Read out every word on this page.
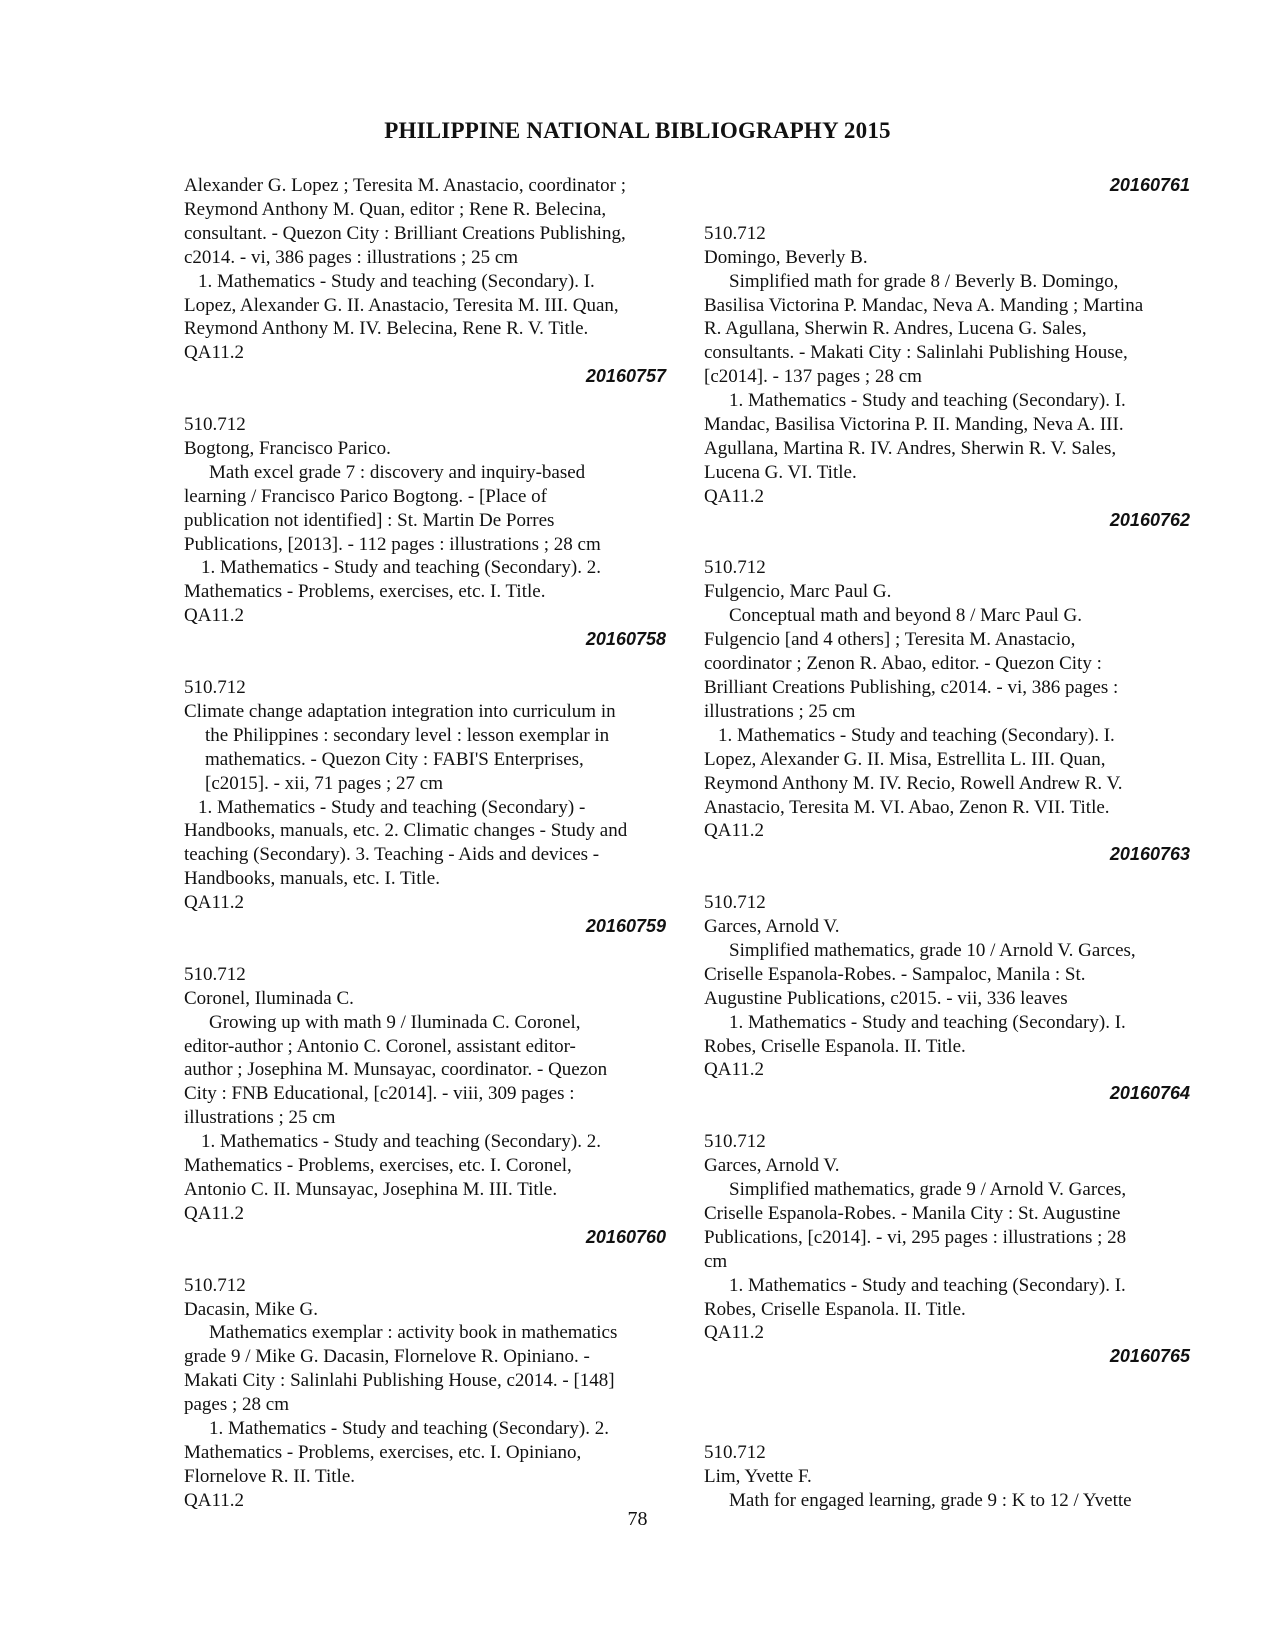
PHILIPPINE NATIONAL BIBLIOGRAPHY 2015
Alexander G. Lopez ; Teresita M. Anastacio, coordinator ;
Reymond Anthony M. Quan, editor ; Rene R. Belecina,
consultant. - Quezon City : Brilliant Creations Publishing,
c2014. - vi, 386 pages : illustrations ; 25 cm
1. Mathematics - Study and teaching (Secondary). I.
Lopez, Alexander G. II. Anastacio, Teresita M. III. Quan,
Reymond Anthony M. IV. Belecina, Rene R. V. Title.
QA11.2
20160757
510.712
Bogtong, Francisco Parico.
Math excel grade 7 : discovery and inquiry-based
learning / Francisco Parico Bogtong. - [Place of
publication not identified] : St. Martin De Porres
Publications, [2013]. - 112 pages : illustrations ; 28 cm
1. Mathematics - Study and teaching (Secondary). 2.
Mathematics - Problems, exercises, etc. I. Title.
QA11.2
20160758
510.712
Climate change adaptation integration into curriculum in
the Philippines : secondary level : lesson exemplar in
mathematics. - Quezon City : FABI'S Enterprises,
[c2015]. - xii, 71 pages ; 27 cm
1. Mathematics - Study and teaching (Secondary) -
Handbooks, manuals, etc. 2. Climatic changes - Study and
teaching (Secondary). 3. Teaching - Aids and devices -
Handbooks, manuals, etc. I. Title.
QA11.2
20160759
510.712
Coronel, Iluminada C.
Growing up with math 9 / Iluminada C. Coronel,
editor-author ; Antonio C. Coronel, assistant editor-
author ; Josephina M. Munsayac, coordinator. - Quezon
City : FNB Educational, [c2014]. - viii, 309 pages :
illustrations ; 25 cm
1. Mathematics - Study and teaching (Secondary). 2.
Mathematics - Problems, exercises, etc. I. Coronel,
Antonio C. II. Munsayac, Josephina M. III. Title.
QA11.2
20160760
510.712
Dacasin, Mike G.
Mathematics exemplar : activity book in mathematics
grade 9 / Mike G. Dacasin, Flornelove R. Opiniano. -
Makati City : Salinlahi Publishing House, c2014. - [148]
pages ; 28 cm
1. Mathematics - Study and teaching (Secondary). 2.
Mathematics - Problems, exercises, etc. I. Opiniano,
Flornelove R. II. Title.
QA11.2
20160761
510.712
Domingo, Beverly B.
Simplified math for grade 8 / Beverly B. Domingo,
Basilisa Victorina P. Mandac, Neva A. Manding ; Martina
R. Agullana, Sherwin R. Andres, Lucena G. Sales,
consultants. - Makati City : Salinlahi Publishing House,
[c2014]. - 137 pages ; 28 cm
1. Mathematics - Study and teaching (Secondary). I.
Mandac, Basilisa Victorina P. II. Manding, Neva A. III.
Agullana, Martina R. IV. Andres, Sherwin R. V. Sales,
Lucena G. VI. Title.
QA11.2
20160762
510.712
Fulgencio, Marc Paul G.
Conceptual math and beyond 8 / Marc Paul G.
Fulgencio [and 4 others] ; Teresita M. Anastacio,
coordinator ; Zenon R. Abao, editor. - Quezon City :
Brilliant Creations Publishing, c2014. - vi, 386 pages :
illustrations ; 25 cm
1. Mathematics - Study and teaching (Secondary). I.
Lopez, Alexander G. II. Misa, Estrellita L. III. Quan,
Reymond Anthony M. IV. Recio, Rowell Andrew R. V.
Anastacio, Teresita M. VI. Abao, Zenon R. VII. Title.
QA11.2
20160763
510.712
Garces, Arnold V.
Simplified mathematics, grade 10 / Arnold V. Garces,
Criselle Espanola-Robes. - Sampaloc, Manila : St.
Augustine Publications, c2015. - vii, 336 leaves
1. Mathematics - Study and teaching (Secondary). I.
Robes, Criselle Espanola. II. Title.
QA11.2
20160764
510.712
Garces, Arnold V.
Simplified mathematics, grade 9 / Arnold V. Garces,
Criselle Espanola-Robes. - Manila City : St. Augustine
Publications, [c2014]. - vi, 295 pages : illustrations ; 28
cm
1. Mathematics - Study and teaching (Secondary). I.
Robes, Criselle Espanola. II. Title.
QA11.2
20160765
510.712
Lim, Yvette F.
Math for engaged learning, grade 9 : K to 12 / Yvette
78
